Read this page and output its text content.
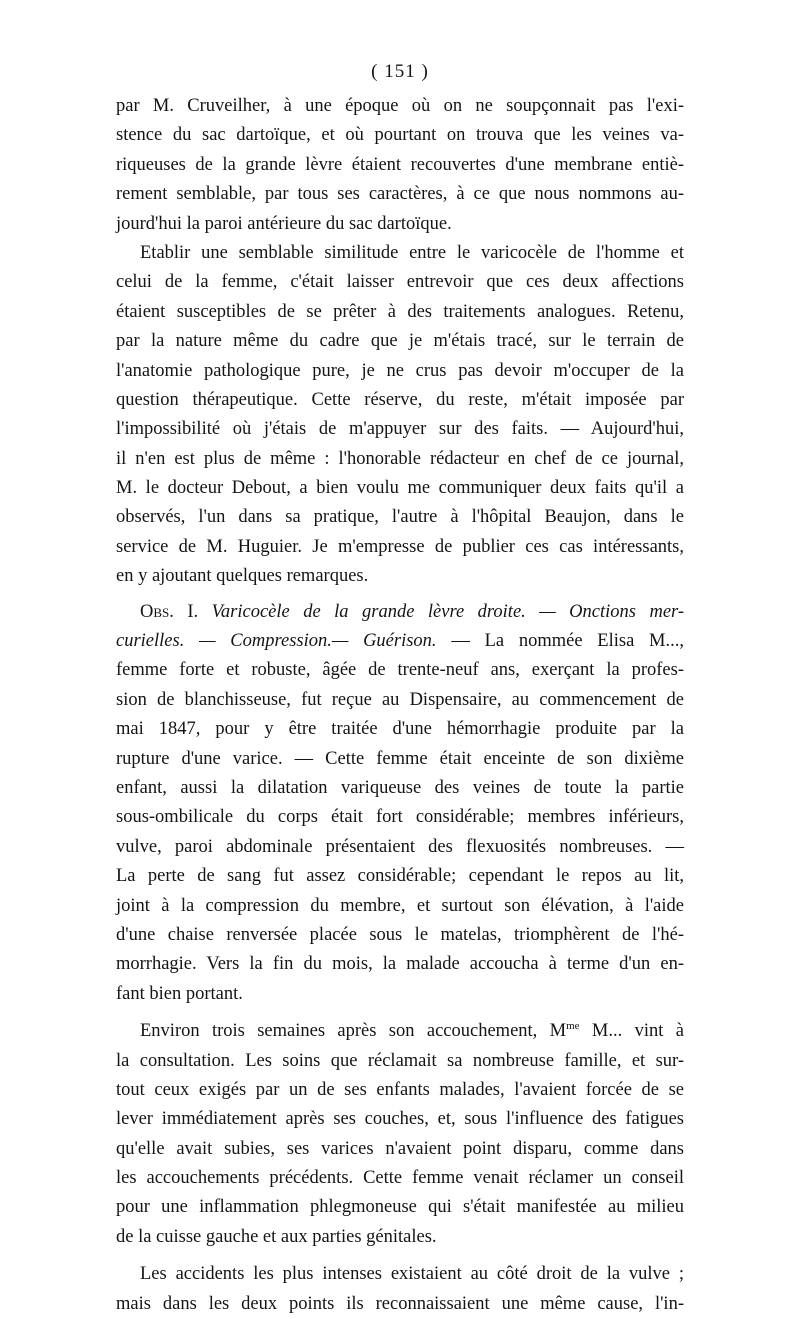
( 151 )
par M. Cruveilher, à une époque où on ne soupçonnait pas l'exi-
stence du sac dartoïque, et où pourtant on trouva que les veines va-
riqueuses de la grande lèvre étaient recouvertes d'une membrane entiè-
rement semblable, par tous ses caractères, à ce que nous nommons au-
jourd'hui la paroi antérieure du sac dartoïque.
Etablir une semblable similitude entre le varicocèle de l'homme et
celui de la femme, c'était laisser entrevoir que ces deux affections
étaient susceptibles de se prêter à des traitements analogues. Retenu,
par la nature même du cadre que je m'étais tracé, sur le terrain de
l'anatomie pathologique pure, je ne crus pas devoir m'occuper de la
question thérapeutique. Cette réserve, du reste, m'était imposée par
l'impossibilité où j'étais de m'appuyer sur des faits. — Aujourd'hui,
il n'en est plus de même : l'honorable rédacteur en chef de ce journal,
M. le docteur Debout, a bien voulu me communiquer deux faits qu'il a
observés, l'un dans sa pratique, l'autre à l'hôpital Beaujon, dans le
service de M. Huguier. Je m'empresse de publier ces cas intéressants,
en y ajoutant quelques remarques.
Obs. I. Varicocèle de la grande lèvre droite. — Onctions mer-
curielles. — Compression.— Guérison. — La nommée Elisa M...,
femme forte et robuste, âgée de trente-neuf ans, exerçant la profes-
sion de blanchisseuse, fut reçue au Dispensaire, au commencement de
mai 1847, pour y être traitée d'une hémorrhagie produite par la
rupture d'une varice. — Cette femme était enceinte de son dixième
enfant, aussi la dilatation variqueuse des veines de toute la partie
sous-ombilicale du corps était fort considérable; membres inférieurs,
vulve, paroi abdominale présentaient des flexuosités nombreuses. —
La perte de sang fut assez considérable; cependant le repos au lit,
joint à la compression du membre, et surtout son élévation, à l'aide
d'une chaise renversée placée sous le matelas, triomphèrent de l'hé-
morrhagie. Vers la fin du mois, la malade accoucha à terme d'un en-
fant bien portant.
Environ trois semaines après son accouchement, $M^{me}$ M... vint à
la consultation. Les soins que réclamait sa nombreuse famille, et sur-
tout ceux exigés par un de ses enfants malades, l'avaient forcée de se
lever immédiatement après ses couches, et, sous l'influence des fatigues
qu'elle avait subies, ses varices n'avaient point disparu, comme dans
les accouchements précédents. Cette femme venait réclamer un conseil
pour une inflammation phlegmoneuse qui s'était manifestée au milieu
de la cuisse gauche et aux parties génitales.
Les accidents les plus intenses existaient au côté droit de la vulve ;
mais dans les deux points ils reconnaissaient une même cause, l'in-
